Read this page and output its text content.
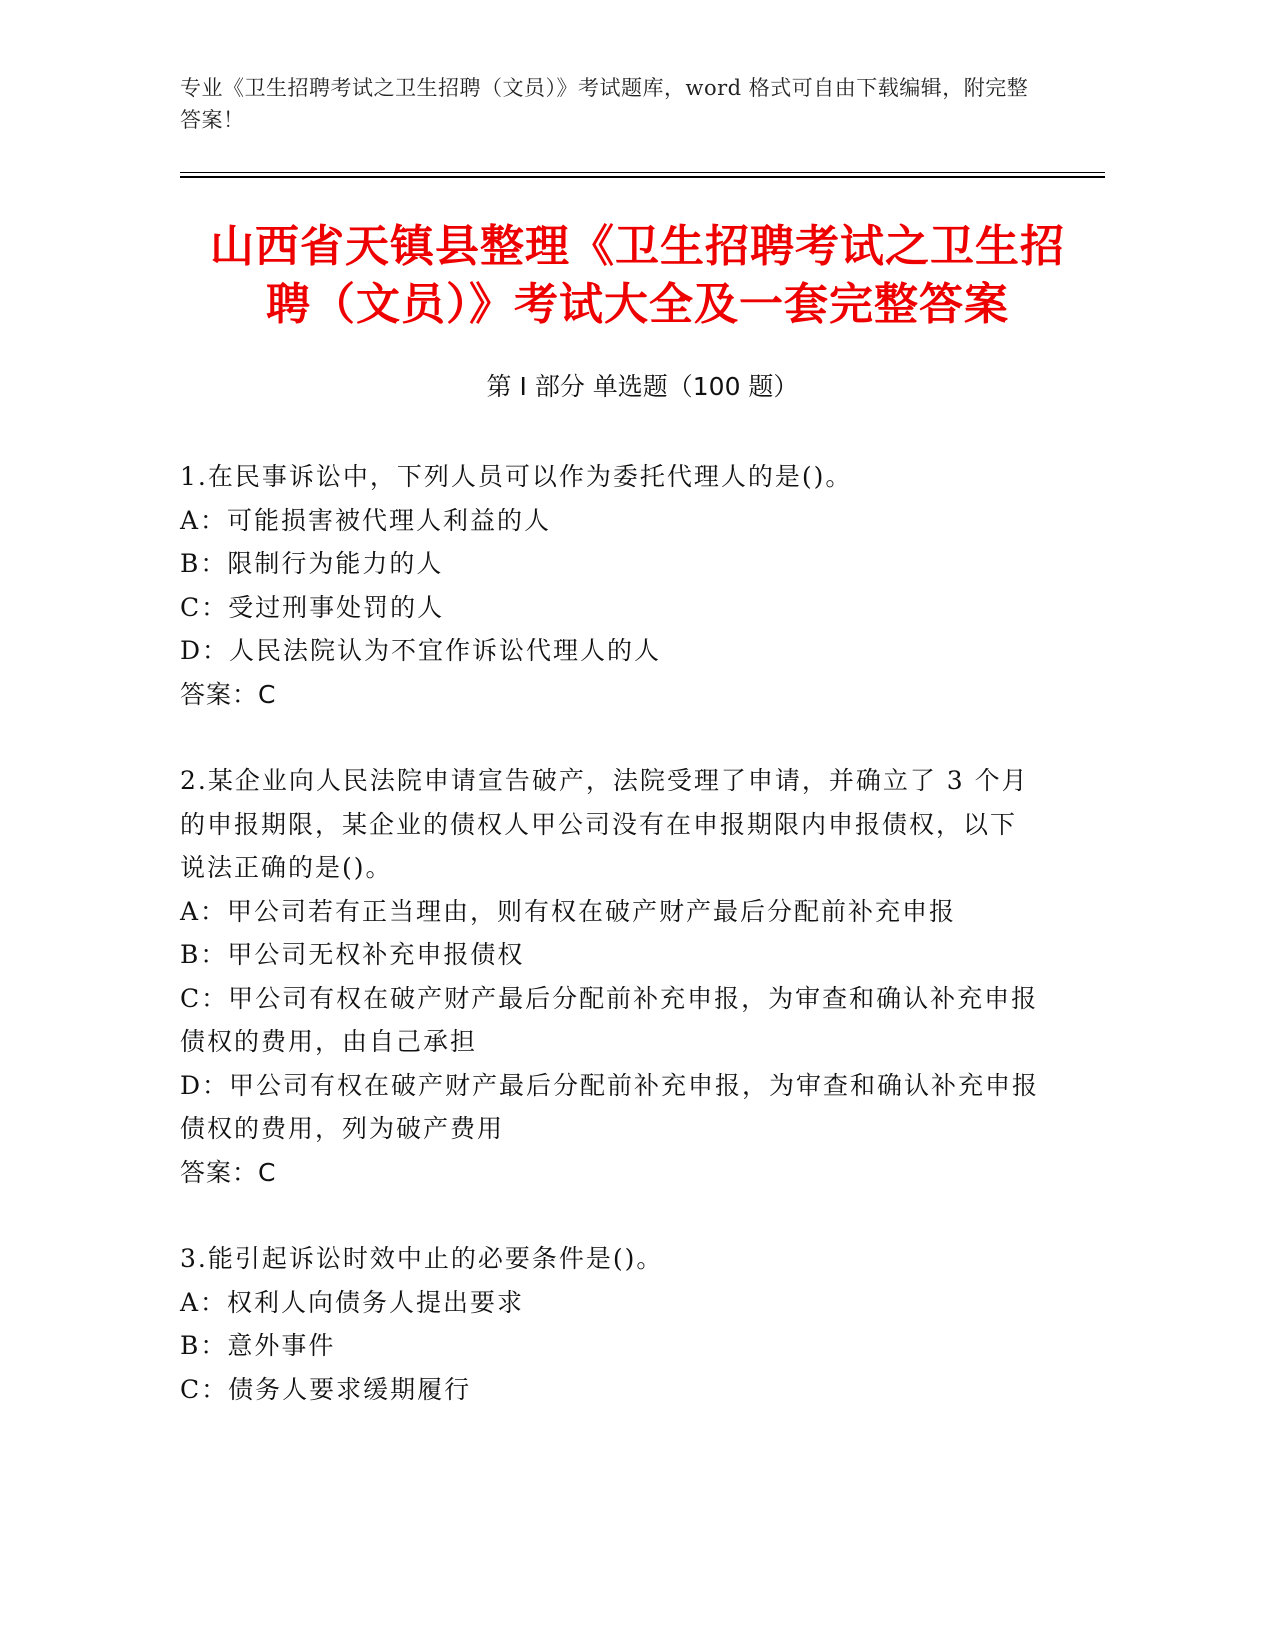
专业《卫生招聘考试之卫生招聘（文员）》考试题库，word 格式可自由下载编辑，附完整答案！
山西省天镇县整理《卫生招聘考试之卫生招
聘（文员）》考试大全及一套完整答案
第 I 部分 单选题（100 题）
1.在民事诉讼中，下列人员可以作为委托代理人的是()。
A：可能损害被代理人利益的人
B：限制行为能力的人
C：受过刑事处罚的人
D：人民法院认为不宜作诉讼代理人的人
答案：C
2.某企业向人民法院申请宣告破产，法院受理了申请，并确立了 3 个月的申报期限，某企业的债权人甲公司没有在申报期限内申报债权，以下说法正确的是()。
A：甲公司若有正当理由，则有权在破产财产最后分配前补充申报
B：甲公司无权补充申报债权
C：甲公司有权在破产财产最后分配前补充申报，为审查和确认补充申报债权的费用，由自己承担
D：甲公司有权在破产财产最后分配前补充申报，为审查和确认补充申报债权的费用，列为破产费用
答案：C
3.能引起诉讼时效中止的必要条件是()。
A：权利人向债务人提出要求
B：意外事件
C：债务人要求缓期履行
